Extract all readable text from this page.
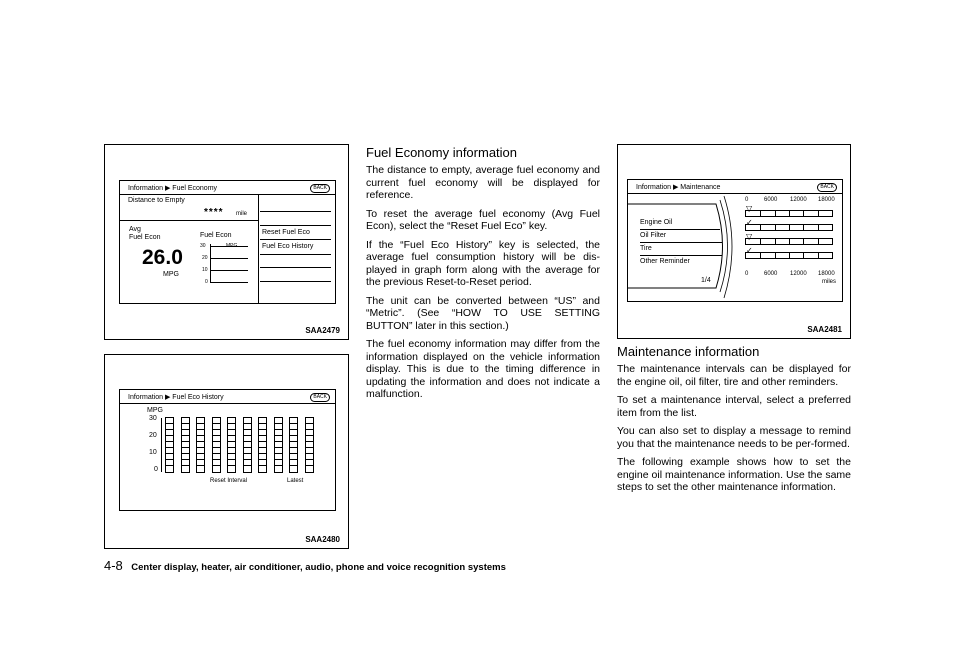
Information ▶ Fuel Economy	BACK
Distance to Empty
**** mile
Avg
Fuel Econ
26.0
MPG
Fuel Econ
MPG
30
20
10
0
Reset Fuel Eco
Fuel Eco History
SAA2479
Information ▶ Fuel Eco History	BACK
MPG
30
20
10
0
Reset Interval	Latest
SAA2480
Fuel Economy information

The distance to empty, average fuel economy and current fuel economy will be displayed for reference.

To reset the average fuel economy (Avg Fuel Econ), select the “Reset Fuel Eco” key.

If the “Fuel Eco History” key is selected, the average fuel consumption history will be dis-played in graph form along with the average for the previous Reset-to-Reset period.

The unit can be converted between “US” and “Metric”. (See “HOW TO USE SETTING BUTTON” later in this section.)

The fuel economy information may differ from the information displayed on the vehicle information display. This is due to the timing difference in updating the information and does not indicate a malfunction.

Information ▶ Maintenance	BACK
Engine Oil
Oil Filter
Tire
Other Reminder
1/4
0	6000 12000 18000
▽
✓
▽
✓
0	6000 12000 18000
miles
SAA2481
Maintenance information

The maintenance intervals can be displayed for the engine oil, oil filter, tire and other reminders.

To set a maintenance interval, select a preferred item from the list.

You can also set to display a message to remind you that the maintenance needs to be per-formed.

The following example shows how to set the engine oil maintenance information. Use the same steps to set the other maintenance information.

4-8 Center display, heater, air conditioner, audio, phone and voice recognition systems
